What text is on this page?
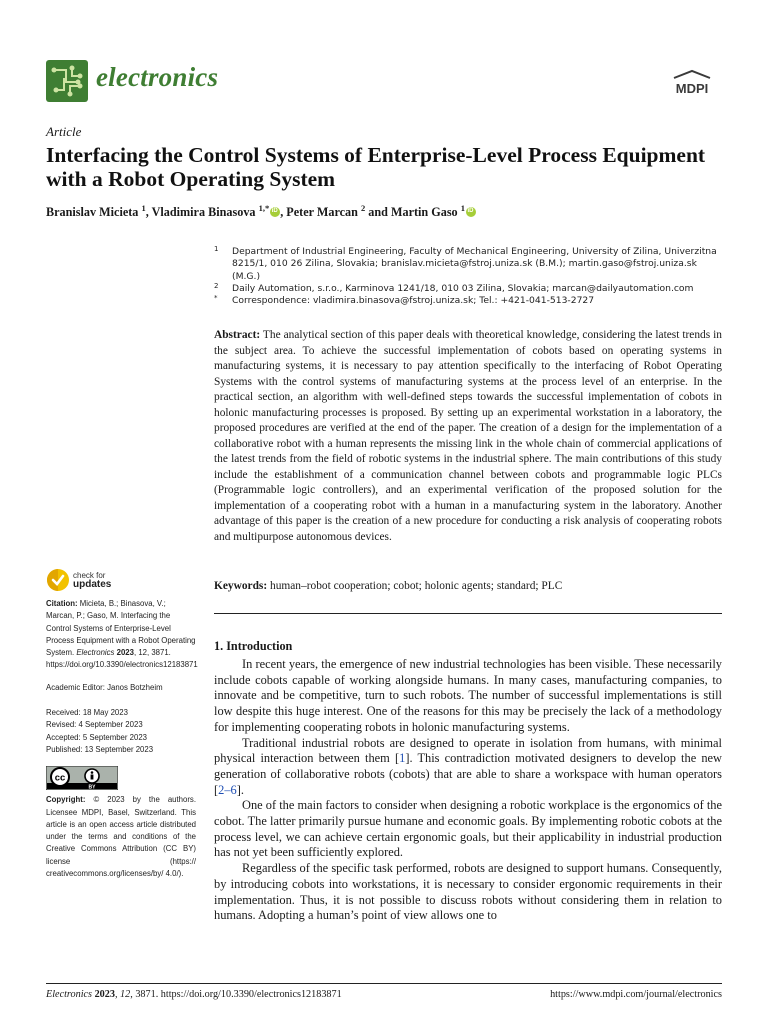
electronics	MDPI
Article
Interfacing the Control Systems of Enterprise-Level Process Equipment with a Robot Operating System
Branislav Micieta $^1$, Vladimira Binasova $^{1,*}$iD , Peter Marcan $^2$ and Martin Gaso $^1$iD
1 Department of Industrial Engineering, Faculty of Mechanical Engineering, University of Zilina, Univerzitna 8215/1, 010 26 Zilina, Slovakia; branislav.micieta@fstroj.uniza.sk (B.M.); martin.gaso@fstroj.uniza.sk (M.G.)
2 Daily Automation, s.r.o., Karminova 1241/18, 010 03 Zilina, Slovakia; marcan@dailyautomation.com
* Correspondence: vladimira.binasova@fstroj.uniza.sk; Tel.: +421-041-513-2727
Abstract: The analytical section of this paper deals with theoretical knowledge, considering the latest trends in the subject area. To achieve the successful implementation of cobots based on operating systems in manufacturing systems, it is necessary to pay attention specifically to the interfacing of Robot Operating Systems with the control systems of manufacturing systems at the process level of an enterprise. In the practical section, an algorithm with well-defined steps towards the successful implementation of cobots in holonic manufacturing processes is proposed. By setting up an experimental workstation in a laboratory, the proposed procedures are verified at the end of the paper. The creation of a design for the implementation of a collaborative robot with a human represents the missing link in the whole chain of commercial applications of the latest trends from the field of robotic systems in the industrial sphere. The main contributions of this study include the establishment of a communication channel between cobots and programmable logic PLCs (Programmable logic controllers), and an experimental verification of the proposed solution for the implementation of a cooperating robot with a human in a manufacturing system in the laboratory. Another advantage of this paper is the creation of a new procedure for conducting a risk analysis of cooperating robots and multipurpose autonomous devices.
Keywords: human–robot cooperation; cobot; holonic agents; standard; PLC
check for
updates
Citation: Micieta, B.; Binasova, V.; Marcan, P.; Gaso, M. Interfacing the Control Systems of Enterprise-Level Process Equipment with a Robot Operating System. Electronics 2023, 12, 3871. https://doi.org/10.3390/electronics12183871
Academic Editor: Janos Botzheim
Received: 18 May 2023
Revised: 4 September 2023
Accepted: 5 September 2023
Published: 13 September 2023
cc
BY
Copyright: © 2023 by the authors. Licensee MDPI, Basel, Switzerland. This article is an open access article distributed under the terms and conditions of the Creative Commons Attribution (CC BY) license (https:// creativecommons.org/licenses/by/ 4.0/).
1. Introduction

In recent years, the emergence of new industrial technologies has been visible. These necessarily include cobots capable of working alongside humans. In many cases, manufacturing companies, to innovate and be competitive, turn to such robots. The number of successful implementations is still low despite this huge interest. One of the reasons for this may be precisely the lack of a methodology for implementing cooperating robots in holonic manufacturing systems.

Traditional industrial robots are designed to operate in isolation from humans, with minimal physical interaction between them [1]. This contradiction motivated designers to develop the new generation of collaborative robots (cobots) that are able to share a workspace with human operators [2–6].

One of the main factors to consider when designing a robotic workplace is the ergonomics of the cobot. The latter primarily pursue humane and economic goals. By implementing robotic cobots at the process level, we can achieve certain ergonomic goals, but their applicability in industrial production has not yet been sufficiently explored.

Regardless of the specific task performed, robots are designed to support humans. Consequently, by introducing cobots into workstations, it is necessary to consider ergonomic requirements in their implementation. Thus, it is not possible to discuss robots without considering them in relation to humans. Adopting a human’s point of view allows one to

Electronics 2023, 12, 3871. https://doi.org/10.3390/electronics12183871	https://www.mdpi.com/journal/electronics
